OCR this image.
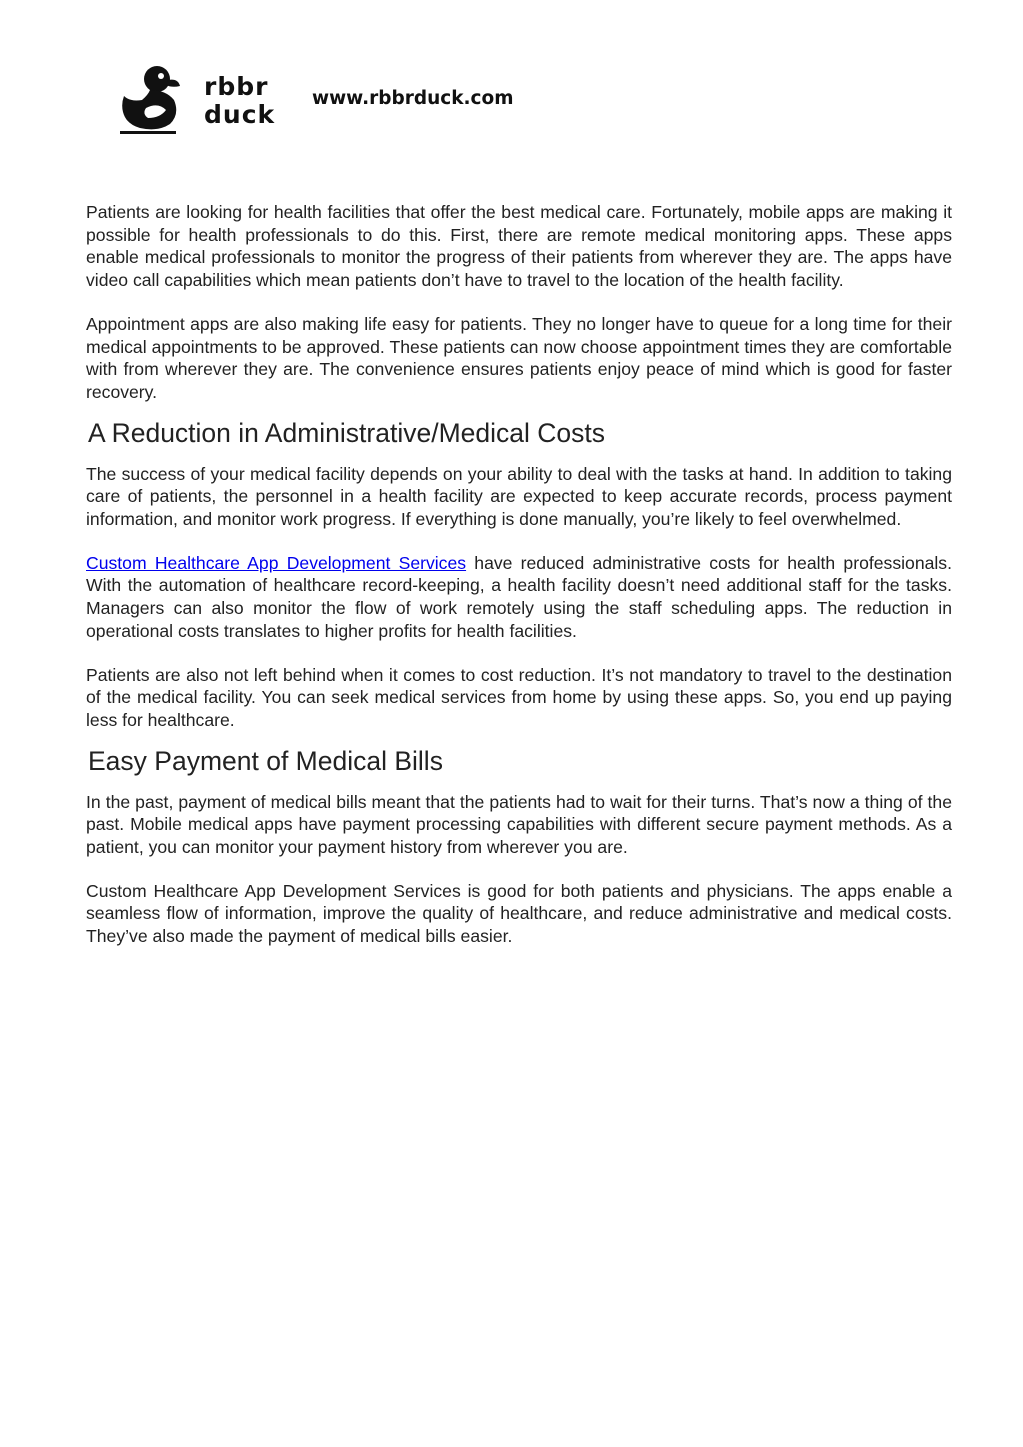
rbbr
duck
www.rbbrduck.com

Patients are looking for health facilities that offer the best medical care. Fortunately, mobile apps are making it possible for health professionals to do this. First, there are remote medical monitoring apps. These apps enable medical professionals to monitor the progress of their patients from wherever they are. The apps have video call capabilities which mean patients don’t have to travel to the location of the health facility.

Appointment apps are also making life easy for patients. They no longer have to queue for a long time for their medical appointments to be approved. These patients can now choose appointment times they are comfortable with from wherever they are. The convenience ensures patients enjoy peace of mind which is good for faster recovery.

A Reduction in Administrative/Medical Costs

The success of your medical facility depends on your ability to deal with the tasks at hand. In addition to taking care of patients, the personnel in a health facility are expected to keep accurate records, process payment information, and monitor work progress. If everything is done manually, you’re likely to feel overwhelmed.

Custom Healthcare App Development Services have reduced administrative costs for health professionals. With the automation of healthcare record-keeping, a health facility doesn’t need additional staff for the tasks. Managers can also monitor the flow of work remotely using the staff scheduling apps. The reduction in operational costs translates to higher profits for health facilities.

Patients are also not left behind when it comes to cost reduction. It’s not mandatory to travel to the destination of the medical facility. You can seek medical services from home by using these apps. So, you end up paying less for healthcare.

Easy Payment of Medical Bills

In the past, payment of medical bills meant that the patients had to wait for their turns. That’s now a thing of the past. Mobile medical apps have payment processing capabilities with different secure payment methods. As a patient, you can monitor your payment history from wherever you are.

Custom Healthcare App Development Services is good for both patients and physicians. The apps enable a seamless flow of information, improve the quality of healthcare, and reduce administrative and medical costs. They’ve also made the payment of medical bills easier.
